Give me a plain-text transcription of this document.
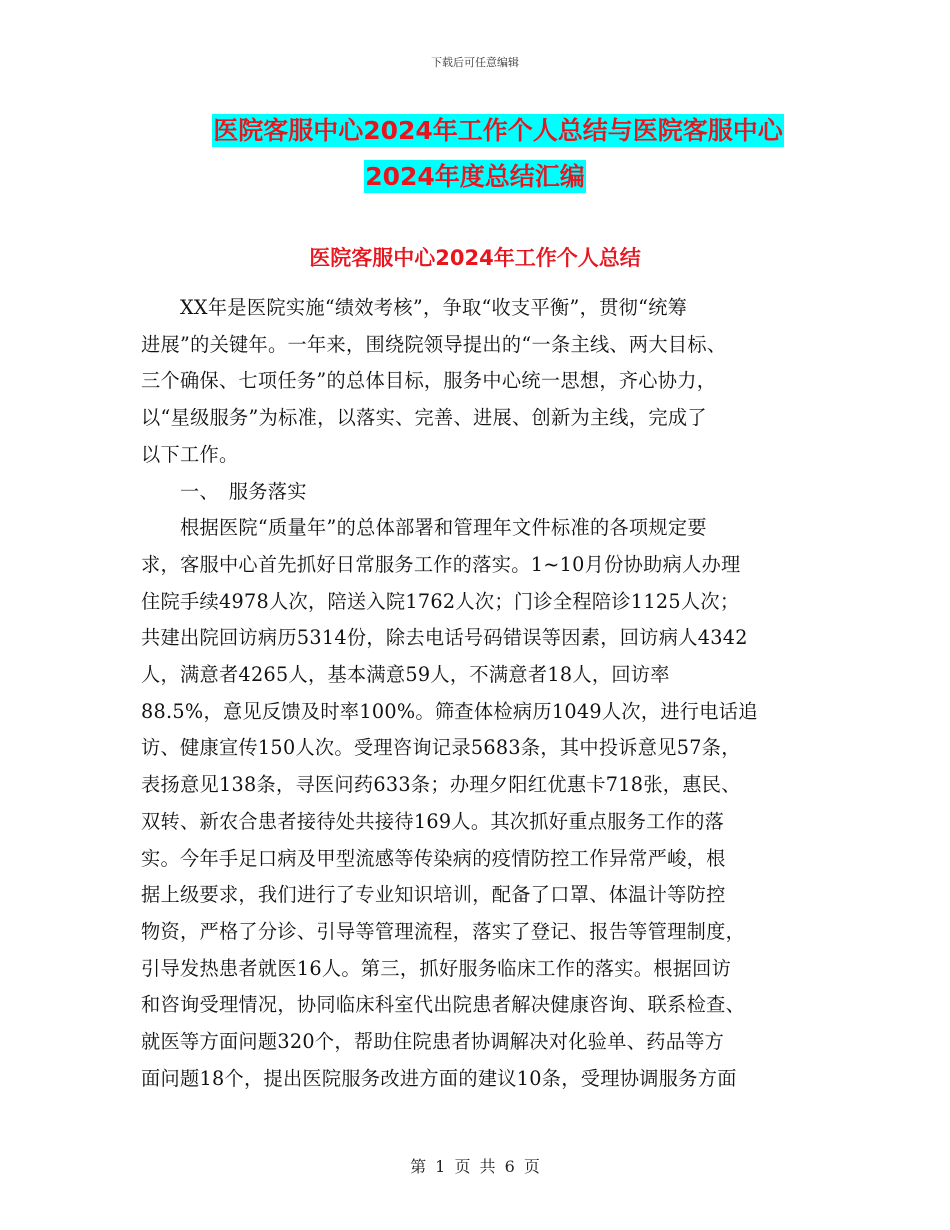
下载后可任意编辑
医院客服中心2024年工作个人总结与医院客服中心
2024年度总结汇编
医院客服中心2024年工作个人总结
　　XX年是医院实施“绩效考核”，争取“收支平衡”，贯彻“统筹
进展”的关键年。一年来，围绕院领导提出的“一条主线、两大目标、
三个确保、七项任务”的总体目标，服务中心统一思想，齐心协力，
以“星级服务”为标准，以落实、完善、进展、创新为主线，完成了
以下工作。
　　一、　服务落实
　　根据医院“质量年”的总体部署和管理年文件标准的各项规定要
求，客服中心首先抓好日常服务工作的落实。1~10月份协助病人办理
住院手续4978人次，陪送入院1762人次；门诊全程陪诊1125人次；
共建出院回访病历5314份，除去电话号码错误等因素，回访病人4342
人，满意者4265人，基本满意59人，不满意者18人，回访率
88.5%，意见反馈及时率100%。筛查体检病历1049人次，进行电话追
访、健康宣传150人次。受理咨询记录5683条，其中投诉意见57条，
表扬意见138条，寻医问药633条；办理夕阳红优惠卡718张，惠民、
双转、新农合患者接待处共接待169人。其次抓好重点服务工作的落
实。今年手足口病及甲型流感等传染病的疫情防控工作异常严峻，根
据上级要求，我们进行了专业知识培训，配备了口罩、体温计等防控
物资，严格了分诊、引导等管理流程，落实了登记、报告等管理制度，
引导发热患者就医16人。第三，抓好服务临床工作的落实。根据回访
和咨询受理情况，协同临床科室代出院患者解决健康咨询、联系检查、
就医等方面问题320个，帮助住院患者协调解决对化验单、药品等方
面问题18个，提出医院服务改进方面的建议10条，受理协调服务方面
第 1 页 共 6 页
